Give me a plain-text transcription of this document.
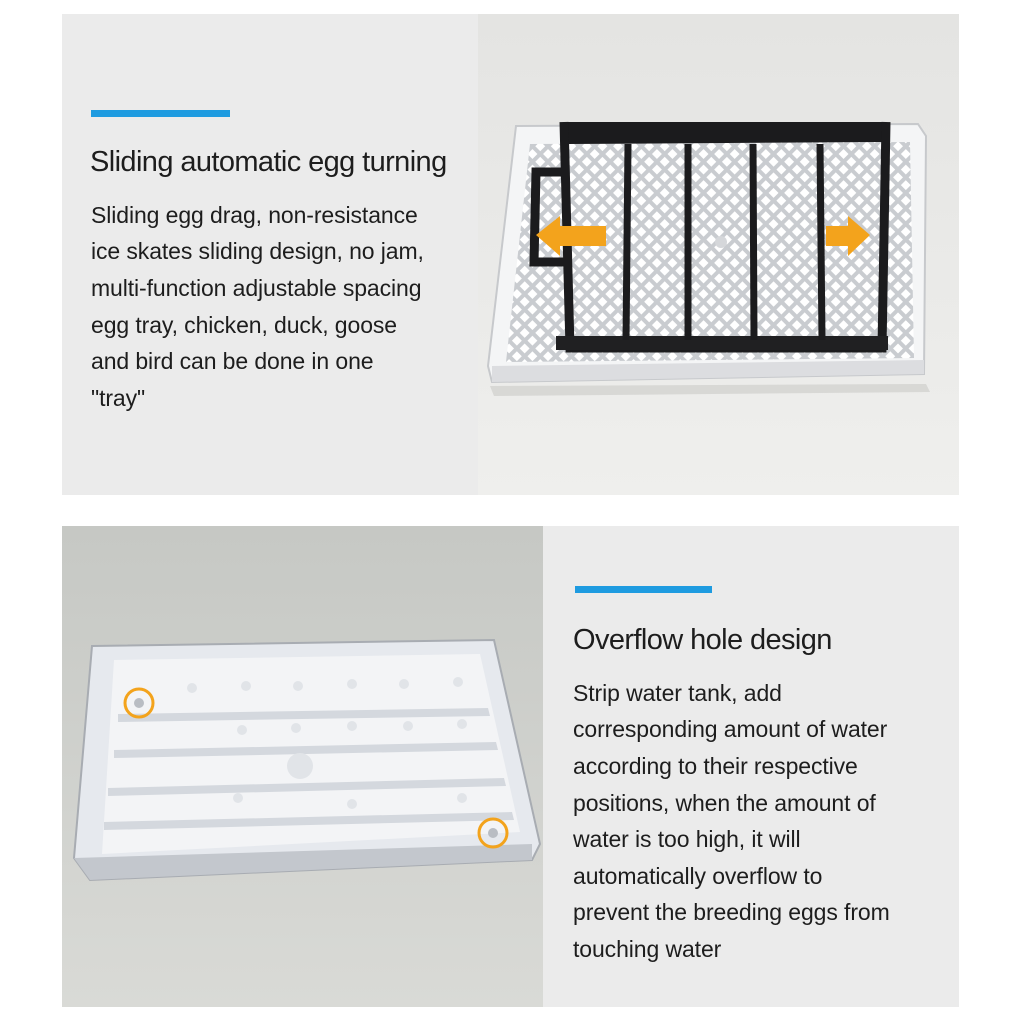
Sliding automatic egg turning

Sliding egg drag, non-resistance

ice skates sliding design, no jam,

multi-function adjustable spacing

egg tray, chicken, duck, goose

and bird can be done in one

"tray"

Overflow hole design

Strip water tank, add

corresponding amount of water

according to their respective

positions, when the amount of

water is too high, it will

automatically overflow to

prevent the breeding eggs from

touching water
